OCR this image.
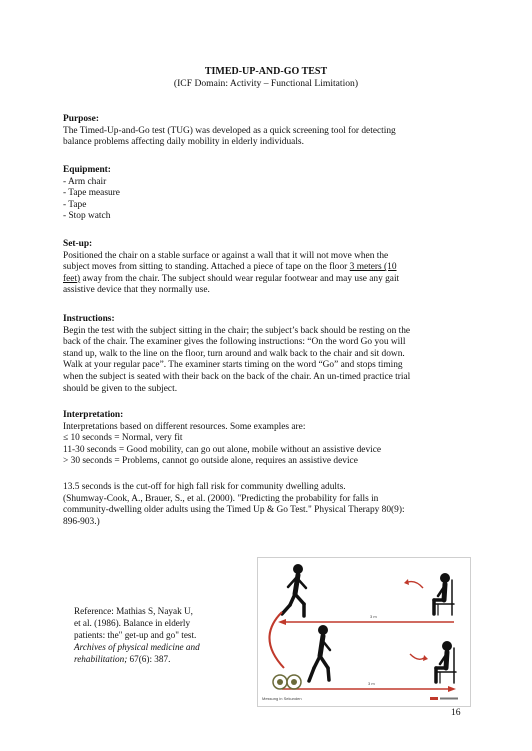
TIMED-UP-AND-GO TEST
(ICF Domain: Activity – Functional Limitation)
Purpose:
The Timed-Up-and-Go test (TUG) was developed as a quick screening tool for detecting
balance problems affecting daily mobility in elderly individuals.
Equipment:
- Arm chair
- Tape measure
- Tape
- Stop watch
Set-up:
Positioned the chair on a stable surface or against a wall that it will not move when the
subject moves from sitting to standing. Attached a piece of tape on the floor 3 meters (10
feet) away from the chair. The subject should wear regular footwear and may use any gait
assistive device that they normally use.
Instructions:
Begin the test with the subject sitting in the chair; the subject’s back should be resting on the
back of the chair. The examiner gives the following instructions: “On the word Go you will
stand up, walk to the line on the floor, turn around and walk back to the chair and sit down.
Walk at your regular pace”. The examiner starts timing on the word “Go” and stops timing
when the subject is seated with their back on the back of the chair. An un-timed practice trial
should be given to the subject.
Interpretation:
Interpretations based on different resources. Some examples are:
≤ 10 seconds = Normal, very fit
11-30 seconds = Good mobility, can go out alone, mobile without an assistive device
> 30 seconds = Problems, cannot go outside alone, requires an assistive device
13.5 seconds is the cut-off for high fall risk for community dwelling adults.
(Shumway-Cook, A., Brauer, S., et al. (2000). "Predicting the probability for falls in
community-dwelling older adults using the Timed Up & Go Test." Physical Therapy 80(9):
896-903.)
Reference: Mathias S, Nayak U,
et al. (1986). Balance in elderly
patients: the" get-up and go" test.
Archives of physical medicine and
rehabilitation; 67(6): 387.
3 m
3 m
Messung in Sekunden
16
